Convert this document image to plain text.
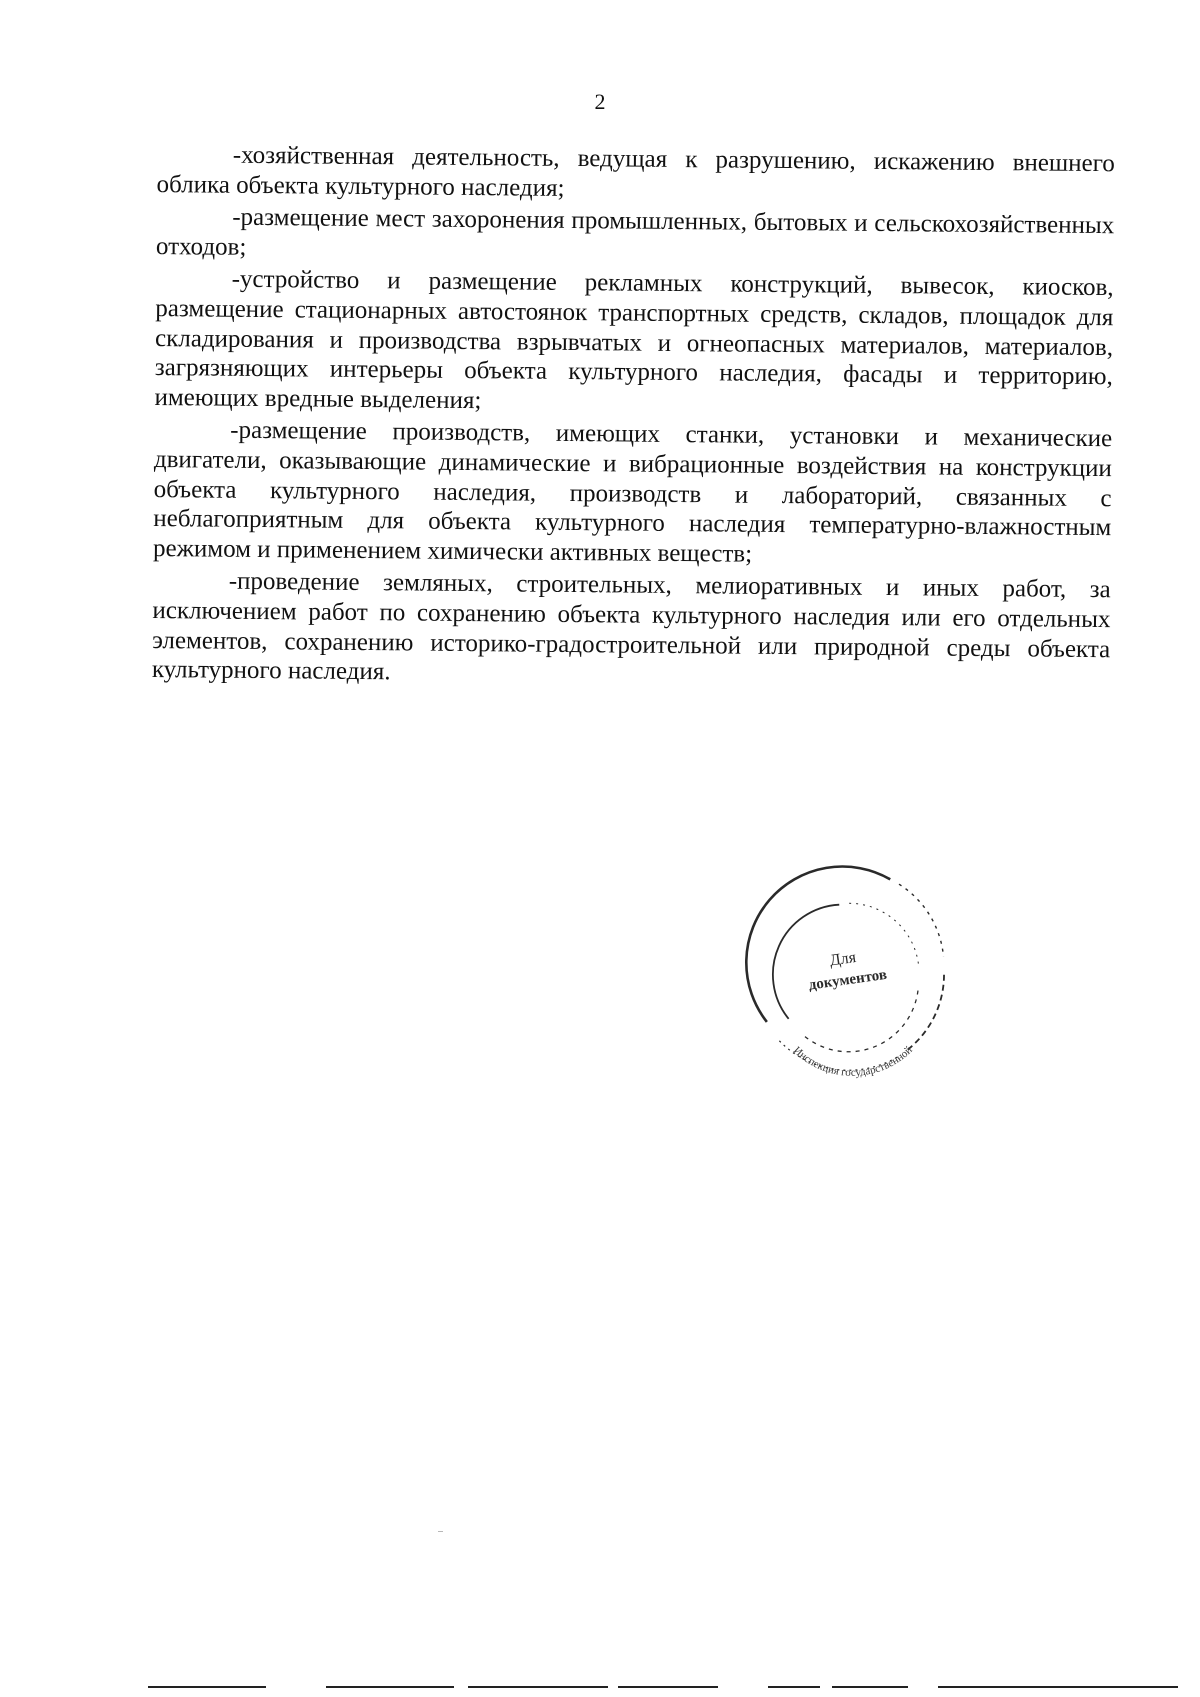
2

-хозяйственная деятельность, ведущая к разрушению, искажению внешнего облика объекта культурного наследия;

-размещение мест захоронения промышленных, бытовых и сельскохозяйственных отходов;

-устройство и размещение рекламных конструкций, вывесок, киосков, размещение стационарных автостоянок транспортных средств, складов, площадок для складирования и производства взрывчатых и огнеопасных материалов, материалов, загрязняющих интерьеры объекта культурного наследия, фасады и территорию, имеющих вредные выделения;

-размещение производств, имеющих станки, установки и механические двигатели, оказывающие динамические и вибрационные воздействия на конструкции объекта культурного наследия, производств и лабораторий, связанных с неблагоприятным для объекта культурного наследия температурно-влажностным режимом и применением химически активных веществ;

-проведение земляных, строительных, мелиоративных и иных работ, за исключением работ по сохранению объекта культурного наследия или его отдельных элементов, сохранению историко-градостроительной или природной среды объекта культурного наследия.

Для
документов
Инспекция государственной
